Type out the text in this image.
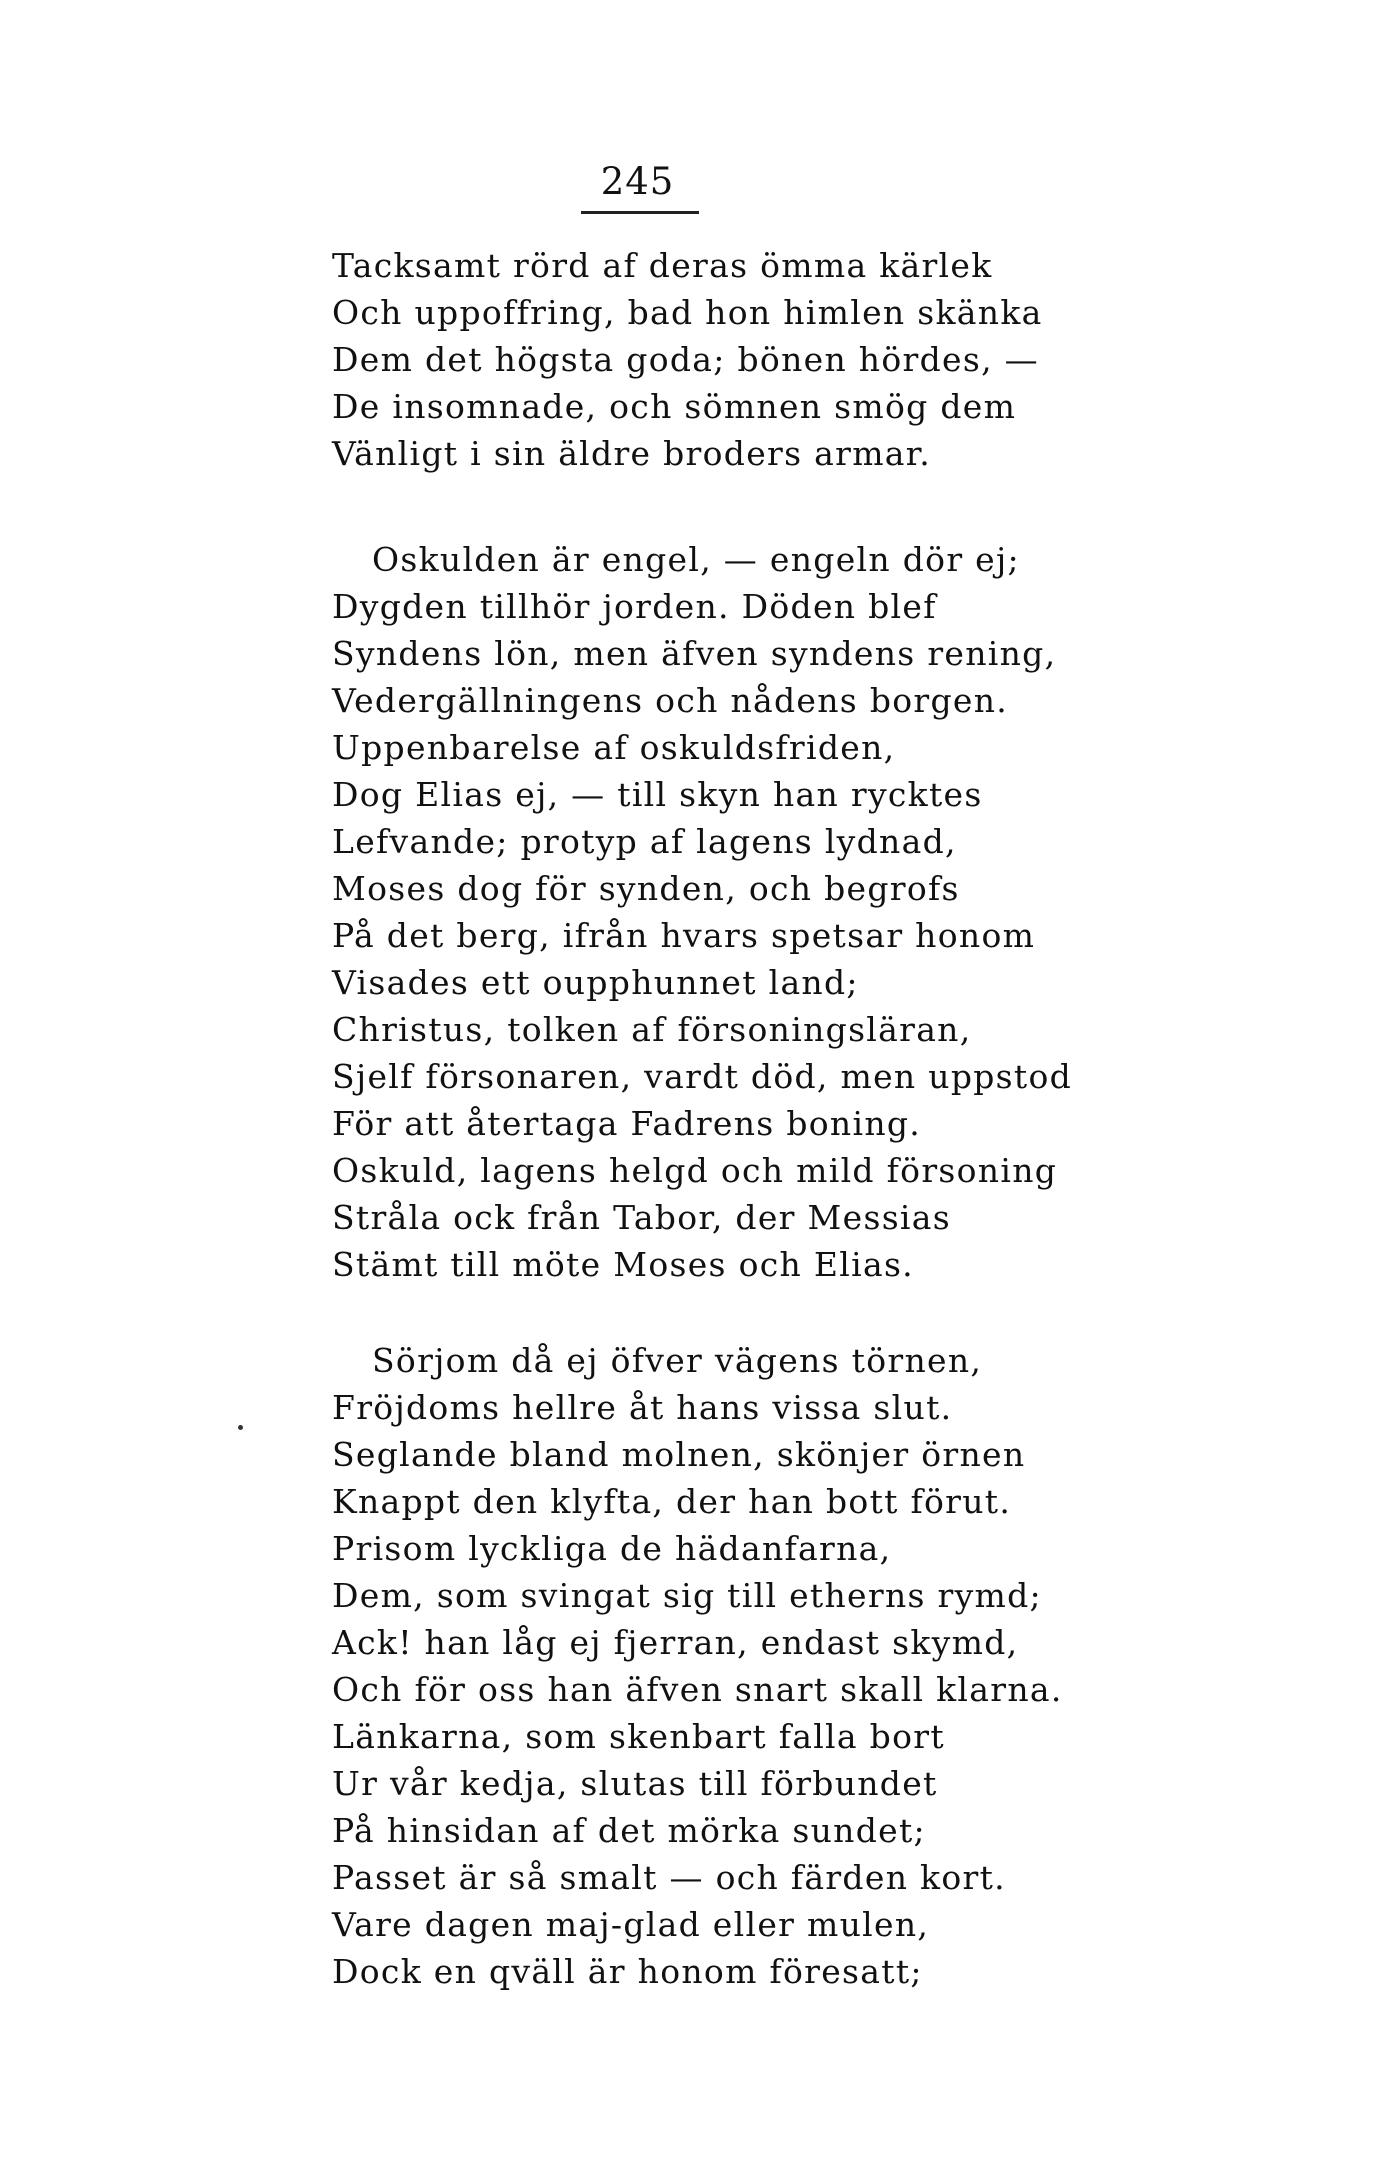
245
Tacksamt rörd af deras ömma kärlek
Och uppoffring, bad hon himlen skänka
Dem det högsta goda; bönen hördes, —
De insomnade, och sömnen smög dem
Vänligt i sin äldre broders armar.
Oskulden är engel, — engeln dör ej;
Dygden tillhör jorden. Döden blef
Syndens lön, men äfven syndens rening,
Vedergällningens och nådens borgen.
Uppenbarelse af oskuldsfriden,
Dog Elias ej, — till skyn han rycktes
Lefvande; protyp af lagens lydnad,
Moses dog för synden, och begrofs
På det berg, ifrån hvars spetsar honom
Visades ett oupphunnet land;
Christus, tolken af försoningsläran,
Sjelf försonaren, vardt död, men uppstod
För att återtaga Fadrens boning.
Oskuld, lagens helgd och mild försoning
Stråla ock från Tabor, der Messias
Stämt till möte Moses och Elias.
Sörjom då ej öfver vägens törnen,
Fröjdoms hellre åt hans vissa slut.
Seglande bland molnen, skönjer örnen
Knappt den klyfta, der han bott förut.
Prisom lyckliga de hädanfarna,
Dem, som svingat sig till etherns rymd;
Ack! han låg ej fjerran, endast skymd,
Och för oss han äfven snart skall klarna.
Länkarna, som skenbart falla bort
Ur vår kedja, slutas till förbundet
På hinsidan af det mörka sundet;
Passet är så smalt — och färden kort.
Vare dagen maj-glad eller mulen,
Dock en qväll är honom föresatt;
